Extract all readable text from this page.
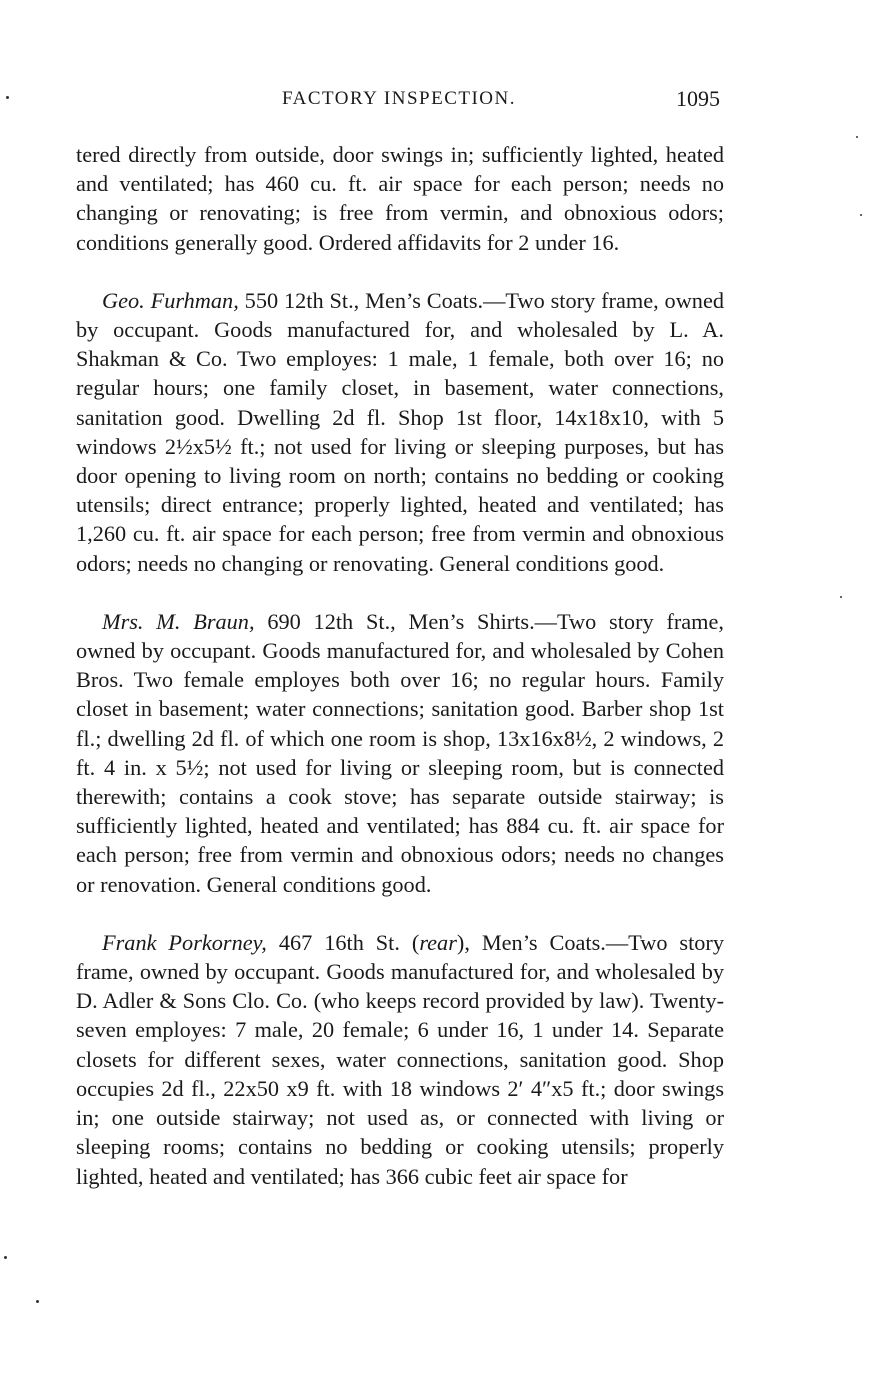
FACTORY INSPECTION.	1095

tered directly from outside, door swings in; sufficiently lighted, heated and ventilated; has 460 cu. ft. air space for each person; needs no changing or renovating; is free from vermin, and obnoxious odors; conditions generally good. Ordered affidavits for 2 under 16.

Geo. Furhman, 550 12th St., Men’s Coats.—Two story frame, owned by occupant. Goods manufactured for, and wholesaled by L. A. Shakman & Co. Two employes: 1 male, 1 female, both over 16; no regular hours; one family closet, in basement, water connections, sanitation good. Dwelling 2d fl. Shop 1st floor, 14x18x10, with 5 windows 2½x5½ ft.; not used for living or sleeping purposes, but has door opening to living room on north; contains no bedding or cooking utensils; direct entrance; properly lighted, heated and ventilated; has 1,260 cu. ft. air space for each person; free from vermin and obnoxious odors; needs no changing or renovating. General conditions good.

Mrs. M. Braun, 690 12th St., Men’s Shirts.—Two story frame, owned by occupant. Goods manufactured for, and wholesaled by Cohen Bros. Two female employes both over 16; no regular hours. Family closet in basement; water connections; sanitation good. Barber shop 1st fl.; dwelling 2d fl. of which one room is shop, 13x16x8½, 2 windows, 2 ft. 4 in. x 5½; not used for living or sleeping room, but is connected therewith; contains a cook stove; has separate outside stairway; is sufficiently lighted, heated and ventilated; has 884 cu. ft. air space for each person; free from vermin and obnoxious odors; needs no changes or renovation. General conditions good.

Frank Porkorney, 467 16th St. (rear), Men’s Coats.—Two story frame, owned by occupant. Goods manufactured for, and wholesaled by D. Adler & Sons Clo. Co. (who keeps record provided by law). Twenty-seven employes: 7 male, 20 female; 6 under 16, 1 under 14. Separate closets for different sexes, water connections, sanitation good. Shop occupies 2d fl., 22x50 x9 ft. with 18 windows 2′ 4″x5 ft.; door swings in; one outside stairway; not used as, or connected with living or sleeping rooms; contains no bedding or cooking utensils; properly lighted, heated and ventilated; has 366 cubic feet air space for
